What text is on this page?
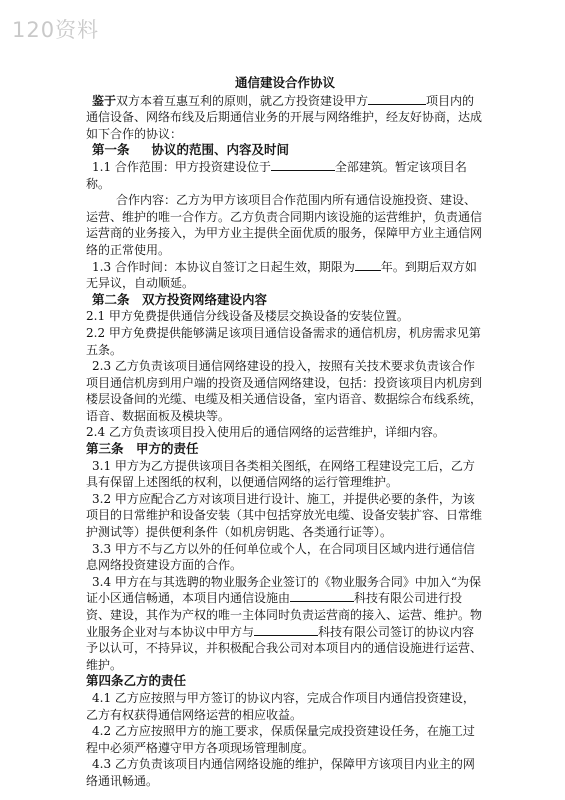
120资料

通信建设合作协议

鉴于双方本着互惠互利的原则，就乙方投资建设甲方	项目内的通信设备、网络布线及后期通信业务的开展与网络维护，经友好协商，达成如下合作的协议：

第一条 协议的范围、内容及时间

1.1 合作范围：甲方投资建设位于	全部建筑。暂定该项目名称。

合作内容：乙方为甲方该项目合作范围内所有通信设施投资、建设、运营、维护的唯一合作方。乙方负责合同期内该设施的运营维护，负责通信运营商的业务接入，为甲方业主提供全面优质的服务，保障甲方业主通信网络的正常使用。

1.3 合作时间：本协议自签订之日起生效，期限为 年。到期后双方如无异议，自动顺延。

第二条　双方投资网络建设内容

2.1 甲方免费提供通信分线设备及楼层交换设备的安装位置。

2.2 甲方免费提供能够满足该项目通信设备需求的通信机房，机房需求见第五条。

2.3 乙方负责该项目通信网络建设的投入，按照有关技术要求负责该合作项目通信机房到用户端的投资及通信网络建设，包括：投资该项目内机房到楼层设备间的光缆、电缆及相关通信设备，室内语音、数据综合布线系统，语音、数据面板及模块等。

2.4 乙方负责该项目投入使用后的通信网络的运营维护，详细内容。

第三条　甲方的责任

3.1 甲方为乙方提供该项目各类相关图纸，在网络工程建设完工后，乙方具有保留上述图纸的权利，以便通信网络的运行管理维护。

3.2 甲方应配合乙方对该项目进行设计、施工，并提供必要的条件，为该项目的日常维护和设备安装（其中包括穿放光电缆、设备安装扩容、日常维护测试等）提供便利条件（如机房钥匙、各类通行证等）。

3.3 甲方不与乙方以外的任何单位或个人，在合同项目区域内进行通信信息网络投资建设方面的合作。

3.4 甲方在与其选聘的物业服务企业签订的《物业服务合同》中加入“为保证小区通信畅通，本项目内通信设施由	科技有限公司进行投资、建设，其作为产权的唯一主体同时负责运营商的接入、运营、维护。物业服务企业对与本协议中甲方与	科技有限公司签订的协议内容予以认可，不持异议，并积极配合我公司对本项目内的通信设施进行运营、维护。

第四条乙方的责任

4.1 乙方应按照与甲方签订的协议内容，完成合作项目内通信投资建设，乙方有权获得通信网络运营的相应收益。

4.2 乙方应按照甲方的施工要求，保质保量完成投资建设任务，在施工过程中必须严格遵守甲方各项现场管理制度。

4.3 乙方负责该项目内通信网络设施的维护，保障甲方该项目内业主的网络通讯畅通。
